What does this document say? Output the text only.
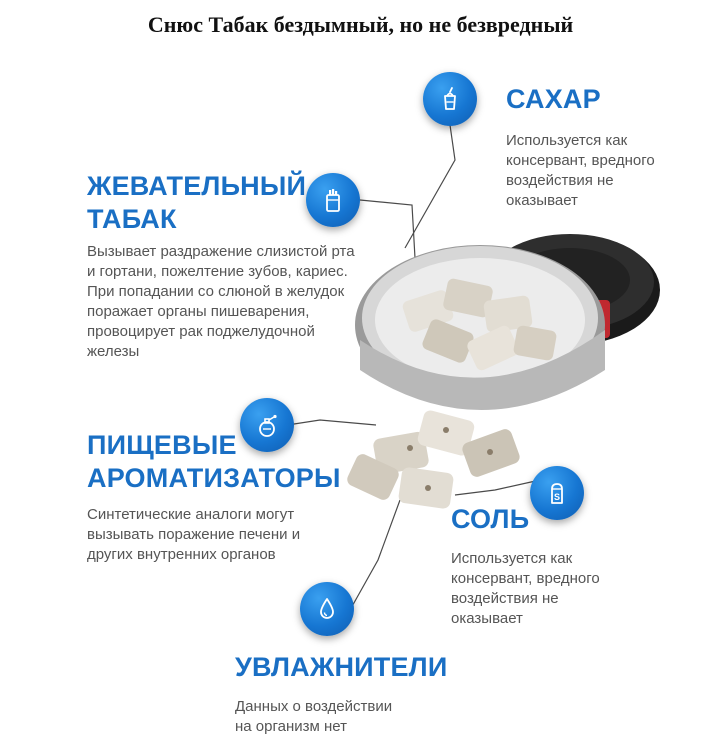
Снюс Табак бездымный, но не безвредный
САХАР
Используется как
консервант, вредного
воздействия не
оказывает
ЖЕВАТЕЛЬНЫЙ
ТАБАК
Вызывает раздражение слизистой рта
и гортани, пожелтение зубов, кариес.
При попадании со слюной в желудок
поражает органы пишеварения,
провоцирует рак поджелудочной
железы
ПИЩЕВЫЕ
АРОМАТИЗАТОРЫ
Синтетические аналоги могут
вызывать поражение печени и
других внутренних органов
S
СОЛЬ
Используется как
консервант, вредного
воздействия не
оказывает
УВЛАЖНИТЕЛИ
Данных о воздействии
на организм нет
